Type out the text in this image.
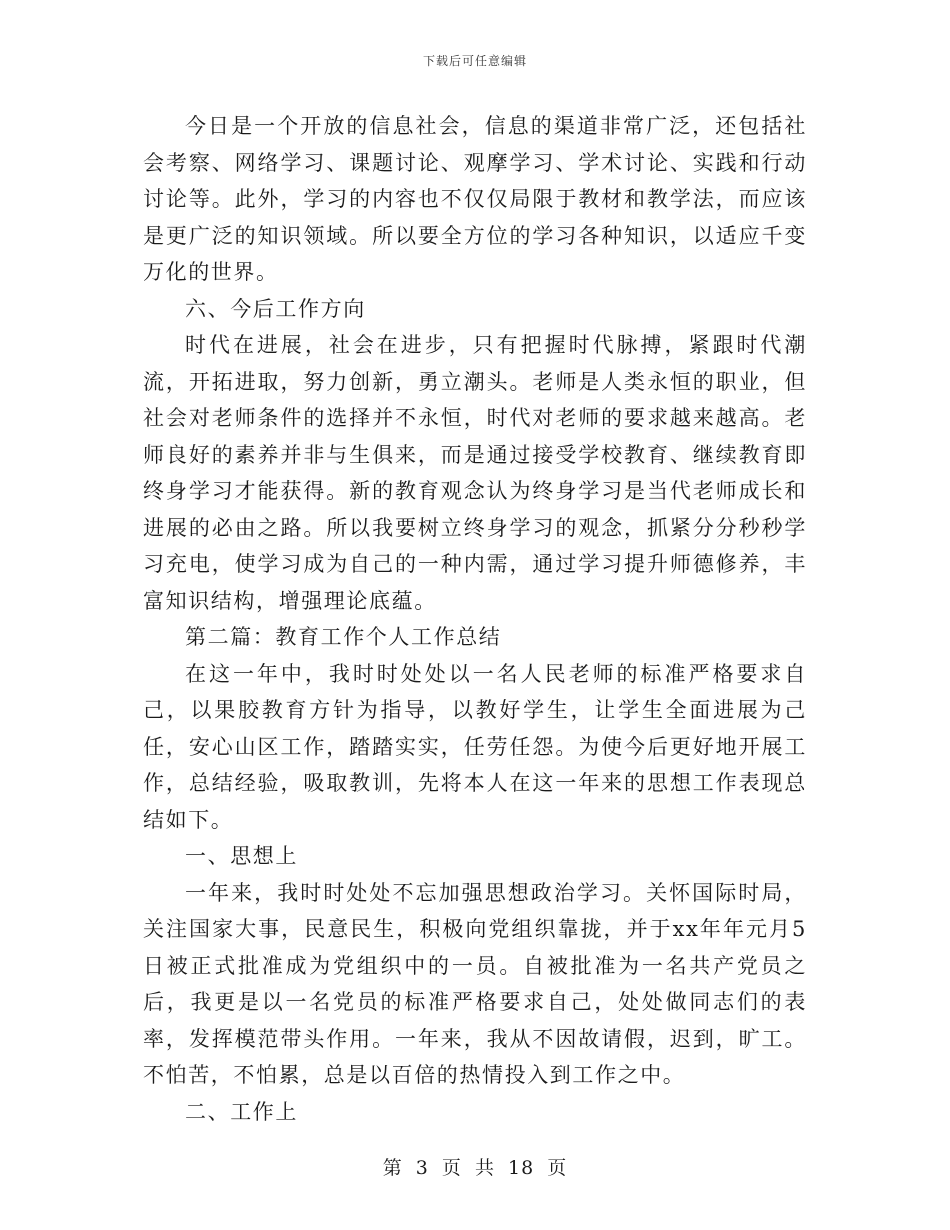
下载后可任意编辑

今日是一个开放的信息社会，信息的渠道非常广泛，还包括社会考察、网络学习、课题讨论、观摩学习、学术讨论、实践和行动讨论等。此外，学习的内容也不仅仅局限于教材和教学法，而应该是更广泛的知识领域。所以要全方位的学习各种知识，以适应千变万化的世界。

六、今后工作方向

时代在进展，社会在进步，只有把握时代脉搏，紧跟时代潮流，开拓进取，努力创新，勇立潮头。老师是人类永恒的职业，但社会对老师条件的选择并不永恒，时代对老师的要求越来越高。老师良好的素养并非与生俱来，而是通过接受学校教育、继续教育即终身学习才能获得。新的教育观念认为终身学习是当代老师成长和进展的必由之路。所以我要树立终身学习的观念，抓紧分分秒秒学习充电，使学习成为自己的一种内需，通过学习提升师德修养，丰富知识结构，增强理论底蕴。

第二篇：教育工作个人工作总结

在这一年中，我时时处处以一名人民老师的标准严格要求自己，以果胶教育方针为指导，以教好学生，让学生全面进展为己任，安心山区工作，踏踏实实，任劳任怨。为使今后更好地开展工作，总结经验，吸取教训，先将本人在这一年来的思想工作表现总结如下。

一、思想上

一年来，我时时处处不忘加强思想政治学习。关怀国际时局，关注国家大事，民意民生，积极向党组织靠拢，并于xx年年元月5日被正式批准成为党组织中的一员。自被批准为一名共产党员之后，我更是以一名党员的标准严格要求自己，处处做同志们的表率，发挥模范带头作用。一年来，我从不因故请假，迟到，旷工。不怕苦，不怕累，总是以百倍的热情投入到工作之中。

二、工作上

第 3 页 共 18 页
